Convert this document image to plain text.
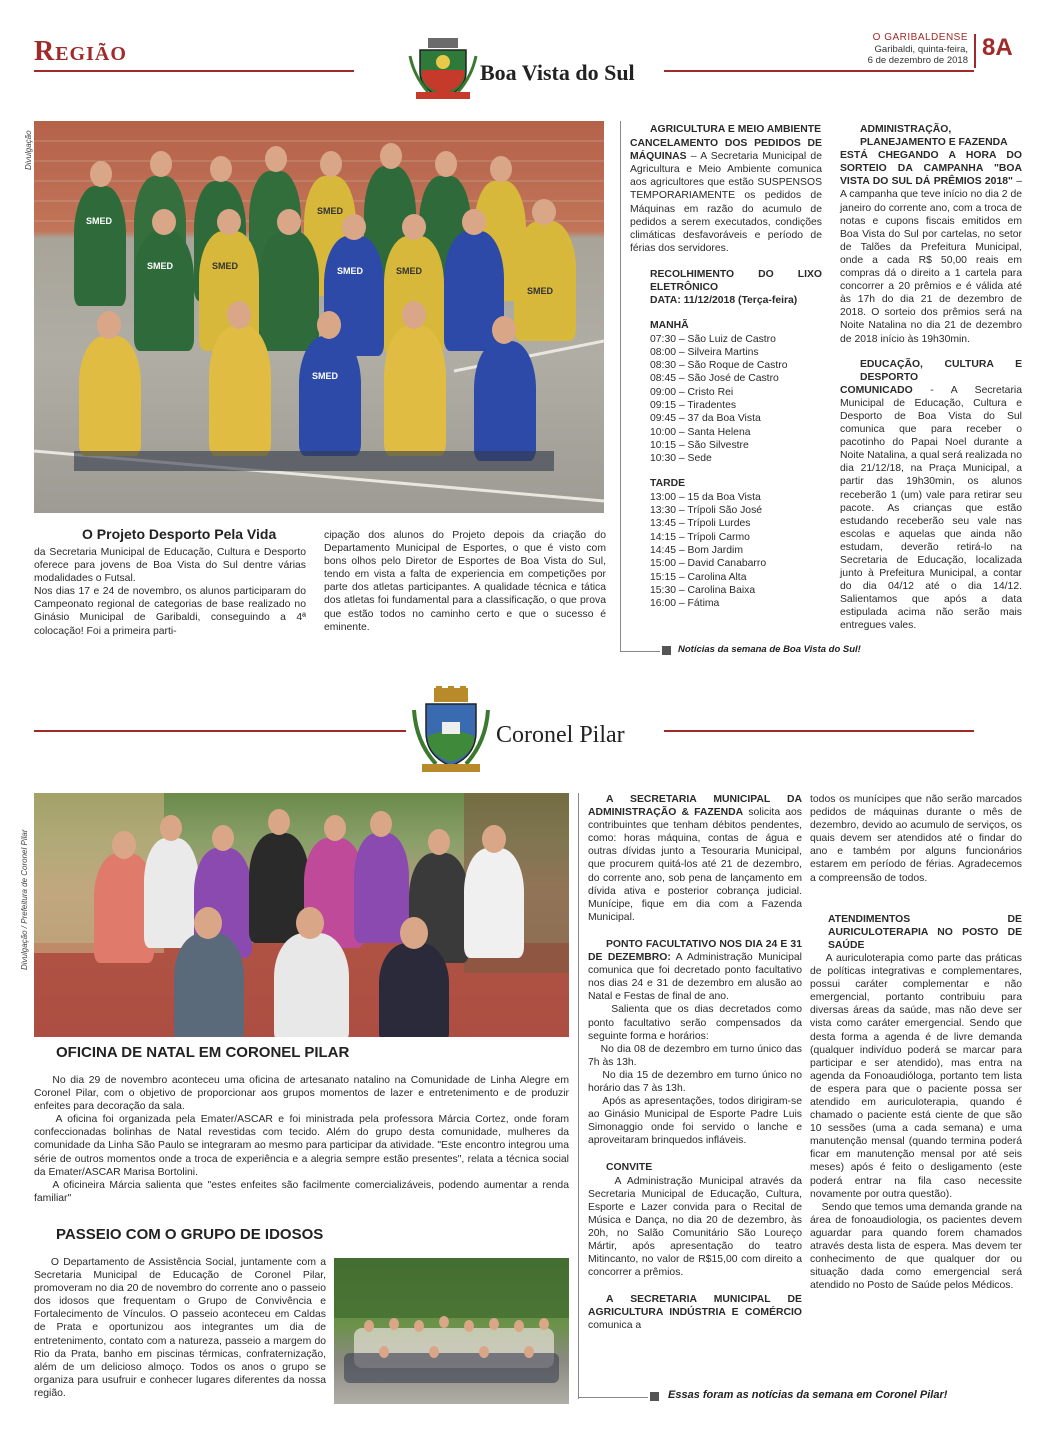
Região	O GARIBALDENSE
Garibaldi, quinta-feira,
6 de dezembro de 2018 8A
Boa Vista do Sul
Divulgação
SMED
SMED	SMED
SMED
SMED	SMED
SMED
SMED
O Projeto Desporto Pela Vida
da Secretaria Municipal de Educação, Cultura e Desporto oferece para jovens de Boa Vista do Sul dentre várias modalidades o Futsal.
Nos dias 17 e 24 de novembro, os alunos participaram do Campeonato regional de categorias de base realizado no Ginásio Municipal de Garibaldi, conseguindo a 4ª colocação! Foi a primeira parti-
cipação dos alunos do Projeto depois da criação do Departamento Municipal de Esportes, o que é visto com bons olhos pelo Diretor de Esportes de Boa Vista do Sul, tendo em vista a falta de experiencia em competições por parte dos atletas participantes. A qualidade técnica e tática dos atletas foi fundamental para a classificação, o que prova que estão todos no caminho certo e que o sucesso é eminente.
AGRICULTURA E MEIO AMBIENTE
CANCELAMENTO DOS PEDIDOS DE MÁQUINAS – A Secretaria Municipal de Agricultura e Meio Ambiente comunica aos agricultores que estão SUSPENSOS TEMPORARIAMENTE os pedidos de Máquinas em razão do acumulo de pedidos a serem executados, condições climáticas desfavoráveis e período de férias dos servidores.
RECOLHIMENTO DO LIXO ELETRÔNICO
DATA: 11/12/2018 (Terça-feira)
MANHÃ
07:30 – São Luiz de Castro
08:00 – Silveira Martins
08:30 – São Roque de Castro
08:45 – São José de Castro
09:00 – Cristo Rei
09:15 – Tiradentes
09:45 – 37 da Boa Vista
10:00 – Santa Helena
10:15 – São Silvestre
10:30 – Sede
TARDE
13:00 – 15 da Boa Vista
13:30 – Trípoli São José
13:45 – Trípoli Lurdes
14:15 – Trípoli Carmo
14:45 – Bom Jardim
15:00 – David Canabarro
15:15 – Carolina Alta
15:30 – Carolina Baixa
16:00 – Fátima
ADMINISTRAÇÃO, PLANEJAMENTO E FAZENDA
ESTÁ CHEGANDO A HORA DO SORTEIO DA CAMPANHA "BOA VISTA DO SUL DÁ PRÊMIOS 2018" – A campanha que teve início no dia 2 de janeiro do corrente ano, com a troca de notas e cupons fiscais emitidos em Boa Vista do Sul por cartelas, no setor de Talões da Prefeitura Municipal, onde a cada R$ 50,00 reais em compras dá o direito a 1 cartela para concorrer a 20 prêmios e é válida até às 17h do dia 21 de dezembro de 2018. O sorteio dos prêmios será na Noite Natalina no dia 21 de dezembro de 2018 início às 19h30min.
EDUCAÇÃO, CULTURA E DESPORTO
COMUNICADO - A Secretaria Municipal de Educação, Cultura e Desporto de Boa Vista do Sul comunica que para receber o pacotinho do Papai Noel durante a Noite Natalina, a qual será realizada no dia 21/12/18, na Praça Municipal, a partir das 19h30min, os alunos receberão 1 (um) vale para retirar seu pacote. As crianças que estão estudando receberão seu vale nas escolas e aquelas que ainda não estudam, deverão retirá-lo na Secretaria de Educação, localizada junto à Prefeitura Municipal, a contar do dia 04/12 até o dia 14/12. Salientamos que após a data estipulada acima não serão mais entregues vales.
Notícias da semana de Boa Vista do Sul!
Coronel Pilar
Divulgação / Prefeitura de Coronel Pilar
OFICINA DE NATAL EM CORONEL PILAR
No dia 29 de novembro aconteceu uma oficina de artesanato natalino na Comunidade de Linha Alegre em Coronel Pilar, com o objetivo de proporcionar aos grupos momentos de lazer e entretenimento e de produzir enfeites para decoração da sala.
A oficina foi organizada pela Emater/ASCAR e foi ministrada pela professora Márcia Cortez, onde foram confeccionadas bolinhas de Natal revestidas com tecido. Além do grupo desta comunidade, mulheres da comunidade da Linha São Paulo se integraram ao mesmo para participar da atividade. "Este encontro integrou uma série de outros momentos onde a troca de experiência e a alegria sempre estão presentes", relata a técnica social da Emater/ASCAR Marisa Bortolini.
A oficineira Márcia salienta que "estes enfeites são facilmente comercializáveis, podendo aumentar a renda familiar"
PASSEIO COM O GRUPO DE IDOSOS
O Departamento de Assistência Social, juntamente com a Secretaria Municipal de Educação de Coronel Pilar, promoveram no dia 20 de novembro do corrente ano o passeio dos idosos que frequentam o Grupo de Convivência e Fortalecimento de Vínculos. O passeio aconteceu em Caldas de Prata e oportunizou aos integrantes um dia de entretenimento, contato com a natureza, passeio a margem do Rio da Prata, banho em piscinas térmicas, confraternização, além de um delicioso almoço. Todos os anos o grupo se organiza para usufruir e conhecer lugares diferentes da nossa região.
A SECRETARIA MUNICIPAL DA ADMINISTRAÇÃO & FAZENDA solicita aos contribuintes que tenham débitos pendentes, como: horas máquina, contas de água e outras dívidas junto a Tesouraria Municipal, que procurem quitá-los até 21 de dezembro, do corrente ano, sob pena de lançamento em dívida ativa e posterior cobrança judicial. Munícipe, fique em dia com a Fazenda Municipal.
PONTO FACULTATIVO NOS DIA 24 E 31 DE DEZEMBRO: A Administração Municipal comunica que foi decretado ponto facultativo nos dias 24 e 31 de dezembro em alusão ao Natal e Festas de final de ano.
Salienta que os dias decretados como ponto facultativo serão compensados da seguinte forma e horários:
No dia 08 de dezembro em turno único das 7h às 13h.
No dia 15 de dezembro em turno único no horário das 7 às 13h.
Após as apresentações, todos dirigiram-se ao Ginásio Municipal de Esporte Padre Luis Simonaggio onde foi servido o lanche e aproveitaram brinquedos infláveis.
CONVITE
A Administração Municipal através da Secretaria Municipal de Educação, Cultura, Esporte e Lazer convida para o Recital de Música e Dança, no dia 20 de dezembro, às 20h, no Salão Comunitário São Loureço Mártir, após apresentação do teatro Mitincanto, no valor de R$15,00 com direito a concorrer a prêmios.
A SECRETARIA MUNICIPAL DE AGRICULTURA INDÚSTRIA E COMÉRCIO comunica a
todos os munícipes que não serão marcados pedidos de máquinas durante o mês de dezembro, devido ao acumulo de serviços, os quais devem ser atendidos até o findar do ano e também por alguns funcionários estarem em período de férias. Agradecemos a compreensão de todos.
ATENDIMENTOS DE AURICULOTERAPIA NO POSTO DE SAÚDE
A auriculoterapia como parte das práticas de políticas integrativas e complementares, possui caráter complementar e não emergencial, portanto contribuiu para diversas áreas da saúde, mas não deve ser vista como caráter emergencial. Sendo que desta forma a agenda é de livre demanda (qualquer indivíduo poderá se marcar para participar e ser atendido), mas entra na agenda da Fonoaudióloga, portanto tem lista de espera para que o paciente possa ser atendido em auriculoterapia, quando é chamado o paciente está ciente de que são 10 sessões (uma a cada semana) e uma manutenção mensal (quando termina poderá ficar em manutenção mensal por até seis meses) após é feito o desligamento (este poderá entrar na fila caso necessite novamente por outra questão).
Sendo que temos uma demanda grande na área de fonoaudiologia, os pacientes devem aguardar para quando forem chamados através desta lista de espera. Mas devem ter conhecimento de que qualquer dor ou situação dada como emergencial será atendido no Posto de Saúde pelos Médicos.
Essas foram as notícias da semana em Coronel Pilar!
